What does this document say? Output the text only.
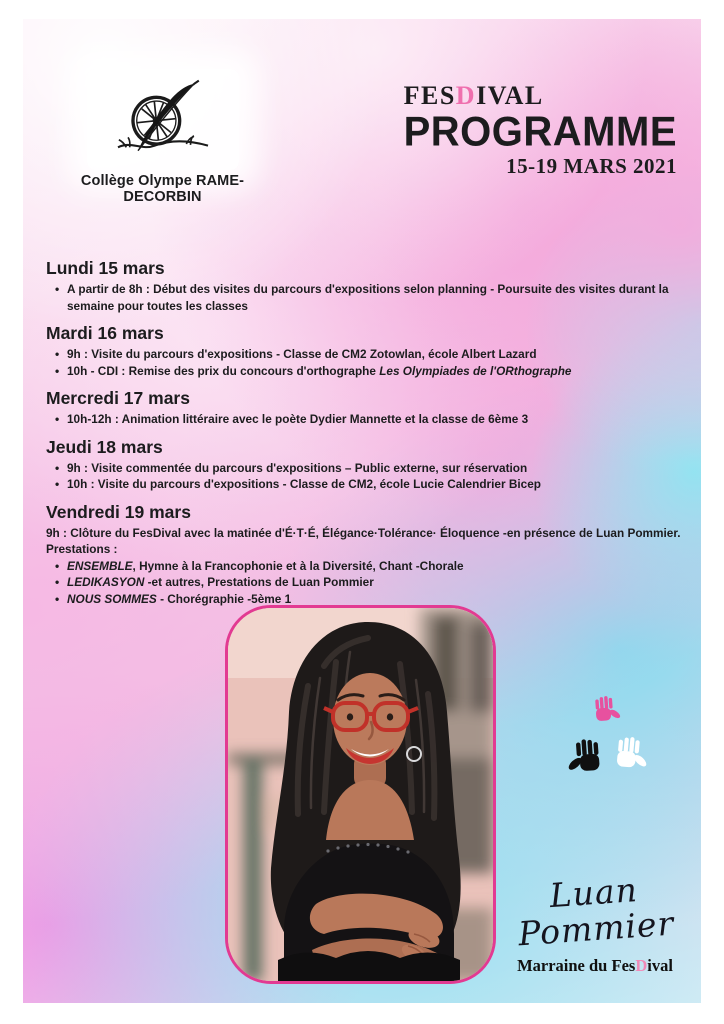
Collège Olympe RAME-DECORBIN
FESDIVAL
PROGRAMME
15-19 MARS 2021
Lundi 15 mars
• A partir de 8h : Début des visites du parcours d'expositions selon planning - Poursuite des visites durant la semaine pour toutes les classes
Mardi 16 mars
• 9h : Visite du parcours d'expositions - Classe de CM2 Zotowlan, école Albert Lazard
• 10h - CDI : Remise des prix du concours d'orthographe Les Olympiades de l'ORthographe
Mercredi 17 mars
• 10h-12h : Animation littéraire avec le poète Dydier Mannette et la classe de 6ème 3
Jeudi 18 mars
• 9h : Visite commentée du parcours d'expositions – Public externe, sur réservation
• 10h : Visite du parcours d'expositions - Classe de CM2, école Lucie Calendrier Bicep
Vendredi 19 mars

9h : Clôture du FesDival avec la matinée d'É·T·É, Élégance·Tolérance· Éloquence -en présence de Luan Pommier. Prestations :

• ENSEMBLE, Hymne à la Francophonie et à la Diversité, Chant -Chorale
• LEDIKASYON -et autres, Prestations de Luan Pommier
• NOUS SOMMES - Chorégraphie -5ème 1
Luan Pommier
Marraine du FesDival
